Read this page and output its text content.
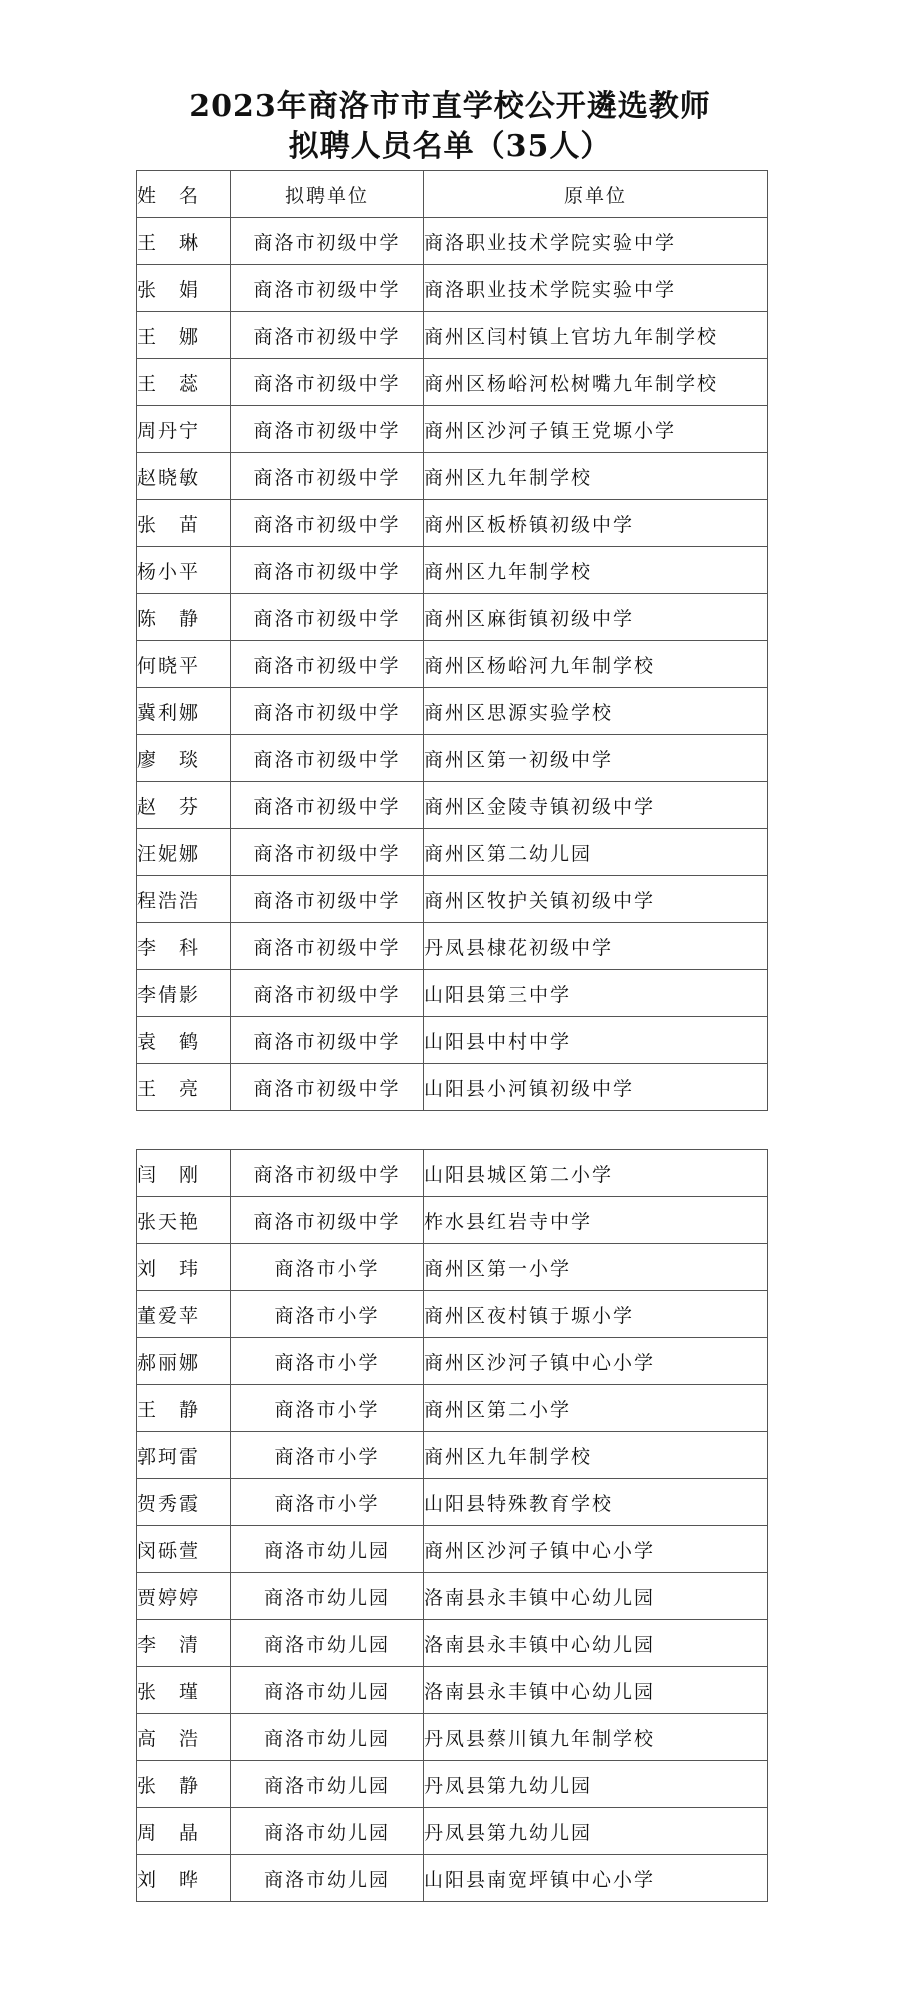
2023年商洛市市直学校公开遴选教师
拟聘人员名单（35人）
姓　名	拟聘单位	原单位
王　琳	商洛市初级中学	商洛职业技术学院实验中学
张　娟	商洛市初级中学	商洛职业技术学院实验中学
王　娜	商洛市初级中学	商州区闫村镇上官坊九年制学校
王　蕊	商洛市初级中学	商州区杨峪河松树嘴九年制学校
周丹宁	商洛市初级中学	商州区沙河子镇王党塬小学
赵晓敏	商洛市初级中学	商州区九年制学校
张　苗	商洛市初级中学	商州区板桥镇初级中学
杨小平	商洛市初级中学	商州区九年制学校
陈　静	商洛市初级中学	商州区麻街镇初级中学
何晓平	商洛市初级中学	商州区杨峪河九年制学校
冀利娜	商洛市初级中学	商州区思源实验学校
廖　琰	商洛市初级中学	商州区第一初级中学
赵　芬	商洛市初级中学	商州区金陵寺镇初级中学
汪妮娜	商洛市初级中学	商州区第二幼儿园
程浩浩	商洛市初级中学	商州区牧护关镇初级中学
李　科	商洛市初级中学	丹凤县棣花初级中学
李倩影	商洛市初级中学	山阳县第三中学
袁　鹤	商洛市初级中学	山阳县中村中学
王　亮	商洛市初级中学	山阳县小河镇初级中学
闫　刚	商洛市初级中学	山阳县城区第二小学
张天艳	商洛市初级中学	柞水县红岩寺中学
刘　玮	商洛市小学	商州区第一小学
董爱苹	商洛市小学	商州区夜村镇于塬小学
郝丽娜	商洛市小学	商州区沙河子镇中心小学
王　静	商洛市小学	商州区第二小学
郭珂雷	商洛市小学	商州区九年制学校
贺秀霞	商洛市小学	山阳县特殊教育学校
闵砾萱	商洛市幼儿园	商州区沙河子镇中心小学
贾婷婷	商洛市幼儿园	洛南县永丰镇中心幼儿园
李　清	商洛市幼儿园	洛南县永丰镇中心幼儿园
张　瑾	商洛市幼儿园	洛南县永丰镇中心幼儿园
高　浩	商洛市幼儿园	丹凤县蔡川镇九年制学校
张　静	商洛市幼儿园	丹凤县第九幼儿园
周　晶	商洛市幼儿园	丹凤县第九幼儿园
刘　晔	商洛市幼儿园	山阳县南宽坪镇中心小学
